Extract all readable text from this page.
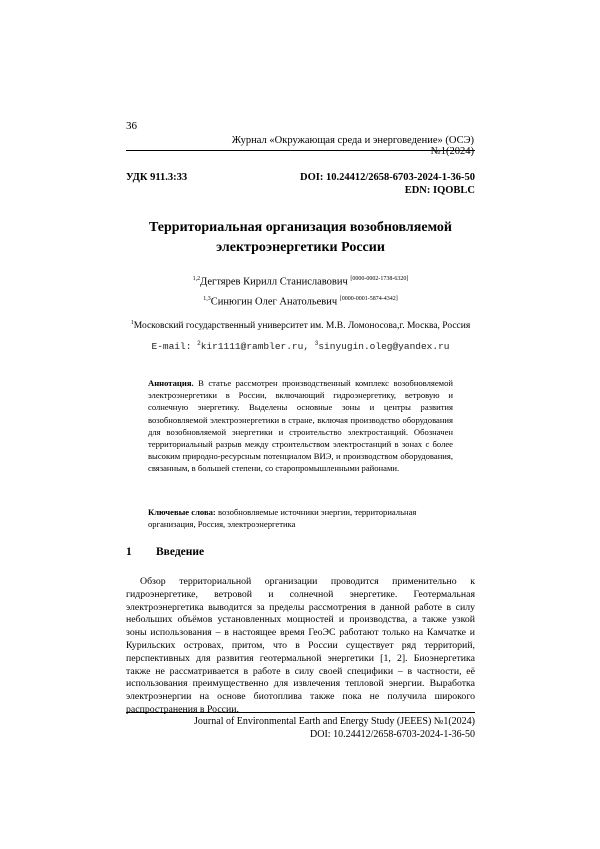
36
Журнал «Окружающая среда и энерговедение» (ОСЭ) №1(2024)
УДК 911.3:33	DOI: 10.24412/2658-6703-2024-1-36-50
EDN: IQOBLC
Территориальная организация возобновляемой электроэнергетики России
1,2Дегтярев Кирилл Станиславович [0000-0002-1738-6320]
1,3Синюгин Олег Анатольевич [0000-0001-5874-4342]
1Московский государственный университет им. М.В. Ломоносова,г. Москва, Россия
E-mail: 2kir1111@rambler.ru, 3sinyugin.oleg@yandex.ru
Аннотация. В статье рассмотрен производственный комплекс возобновляемой электроэнергетики в России, включающий гидроэнергетику, ветровую и солнечную энергетику. Выделены основные зоны и центры развития возобновляемой электроэнергетики в стране, включая производство оборудования для возобновляемой энергетики и строительство электростанций. Обозначен территориальный разрыв между строительством электростанций в зонах с более высоким природно-ресурсным потенциалом ВИЭ, и производством оборудования, связанным, в большей степени, со старопромышленными районами.
Ключевые слова: возобновляемые источники энергии, территориальная организация, Россия, электроэнергетика
1 Введение
Обзор территориальной организации проводится применительно к гидроэнергетике, ветровой и солнечной энергетике. Геотермальная электроэнергетика выводится за пределы рассмотрения в данной работе в силу небольших объёмов установленных мощностей и производства, а также узкой зоны использования – в настоящее время ГеоЭС работают только на Камчатке и Курильских островах, притом, что в России существует ряд территорий, перспективных для развития геотермальной энергетики [1, 2]. Биоэнергетика также не рассматривается в работе в силу своей специфики – в частности, её использования преимущественно для извлечения тепловой энергии. Выработка электроэнергии на основе биотоплива также пока не получила широкого распространения в России.
Journal of Environmental Earth and Energy Study (JEEES) №1(2024)
DOI: 10.24412/2658-6703-2024-1-36-50
